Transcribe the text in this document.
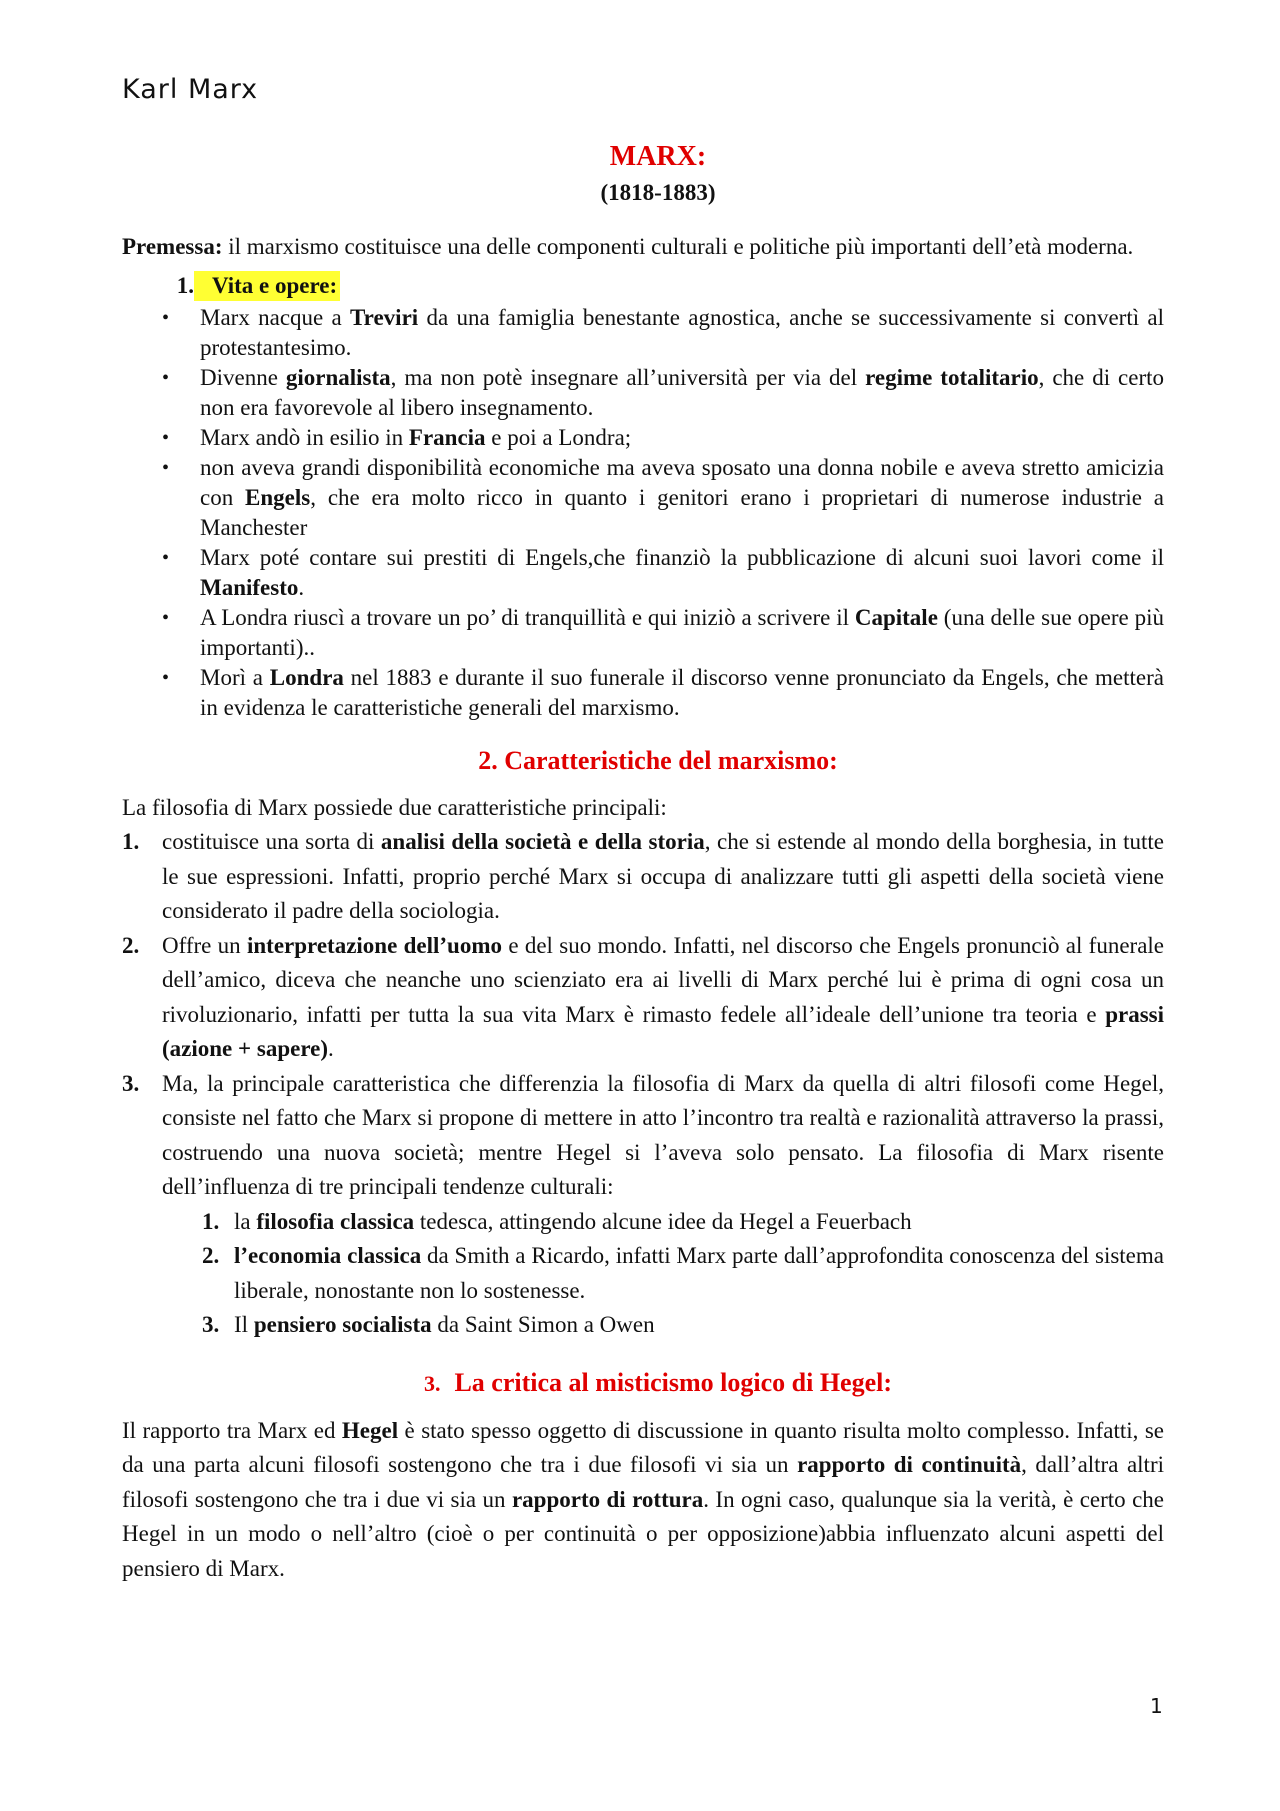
Karl Marx
MARX:

(1818-1883)

Premessa: il marxismo costituisce una delle componenti culturali e politiche più importanti dell’età moderna.

1. Vita e opere:
• Marx nacque a Treviri da una famiglia benestante agnostica, anche se successivamente si convertì al protestantesimo.
• Divenne giornalista, ma non potè insegnare all’università per via del regime totalitario, che di certo non era favorevole al libero insegnamento.
• Marx andò in esilio in Francia e poi a Londra;
• non aveva grandi disponibilità economiche ma aveva sposato una donna nobile e aveva stretto amicizia con Engels, che era molto ricco in quanto i genitori erano i proprietari di numerose industrie a Manchester
• Marx poté contare sui prestiti di Engels,che finanziò la pubblicazione di alcuni suoi lavori come il Manifesto.
• A Londra riuscì a trovare un po’ di tranquillità e qui iniziò a scrivere il Capitale (una delle sue opere più importanti)..
• Morì a Londra nel 1883 e durante il suo funerale il discorso venne pronunciato da Engels, che metterà in evidenza le caratteristiche generali del marxismo.
2. Caratteristiche del marxismo:

La filosofia di Marx possiede due caratteristiche principali:

1. costituisce una sorta di analisi della società e della storia, che si estende al mondo della borghesia, in tutte le sue espressioni. Infatti, proprio perché Marx si occupa di analizzare tutti gli aspetti della società viene considerato il padre della sociologia.
2. Offre un interpretazione dell’uomo e del suo mondo. Infatti, nel discorso che Engels pronunciò al funerale dell’amico, diceva che neanche uno scienziato era ai livelli di Marx perché lui è prima di ogni cosa un rivoluzionario, infatti per tutta la sua vita Marx è rimasto fedele all’ideale dell’unione tra teoria e prassi (azione + sapere).
3. Ma, la principale caratteristica che differenzia la filosofia di Marx da quella di altri filosofi come Hegel, consiste nel fatto che Marx si propone di mettere in atto l’incontro tra realtà e razionalità attraverso la prassi, costruendo una nuova società; mentre Hegel si l’aveva solo pensato. La filosofia di Marx risente dell’influenza di tre principali tendenze culturali:
1. la filosofia classica tedesca, attingendo alcune idee da Hegel a Feuerbach
2. l’economia classica da Smith a Ricardo, infatti Marx parte dall’approfondita conoscenza del sistema liberale, nonostante non lo sostenesse.
3. Il pensiero socialista da Saint Simon a Owen
3. La critica al misticismo logico di Hegel:

Il rapporto tra Marx ed Hegel è stato spesso oggetto di discussione in quanto risulta molto complesso. Infatti, se da una parta alcuni filosofi sostengono che tra i due filosofi vi sia un rapporto di continuità, dall’altra altri filosofi sostengono che tra i due vi sia un rapporto di rottura. In ogni caso, qualunque sia la verità, è certo che Hegel in un modo o nell’altro (cioè o per continuità o per opposizione)abbia influenzato alcuni aspetti del pensiero di Marx.

1
